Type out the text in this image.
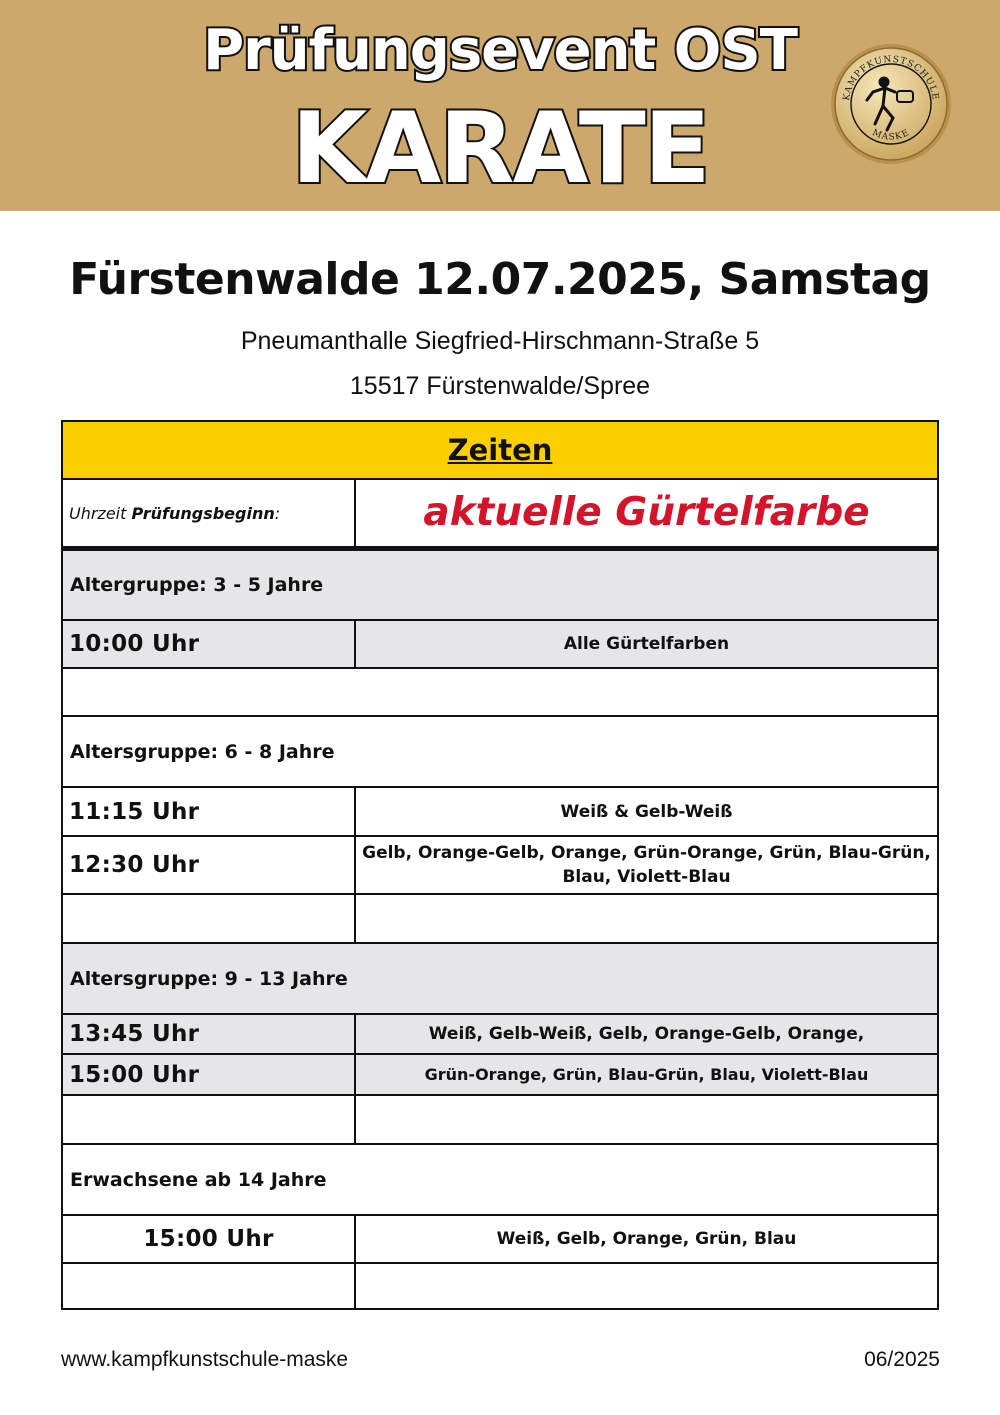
Prüfungsevent OST
KARATE	KAMPFKUNSTSCHULE
MASKE
Fürstenwalde 12.07.2025, Samstag
Pneumanthalle Siegfried-Hirschmann-Straße 5
15517 Fürstenwalde/Spree
Zeiten
Uhrzeit
Prüfungsbeginn :	aktuelle Gürtelfarbe
Altergruppe: 3 - 5 Jahre
10:00 Uhr	Alle Gürtelfarben
Altersgruppe: 6 - 8 Jahre
11:15 Uhr	Weiß & Gelb-Weiß
12:30 Uhr	Gelb, Orange-Gelb, Orange, Grün-Orange, Grün, Blau-Grün, Blau, Violett-Blau
Altersgruppe: 9 - 13 Jahre
13:45 Uhr	Weiß, Gelb-Weiß, Gelb, Orange-Gelb, Orange,
15:00 Uhr	Grün-Orange, Grün, Blau-Grün, Blau, Violett-Blau
Erwachsene ab 14 Jahre
15:00 Uhr	Weiß, Gelb, Orange, Grün, Blau
www.kampfkunstschule-maske	06/2025
